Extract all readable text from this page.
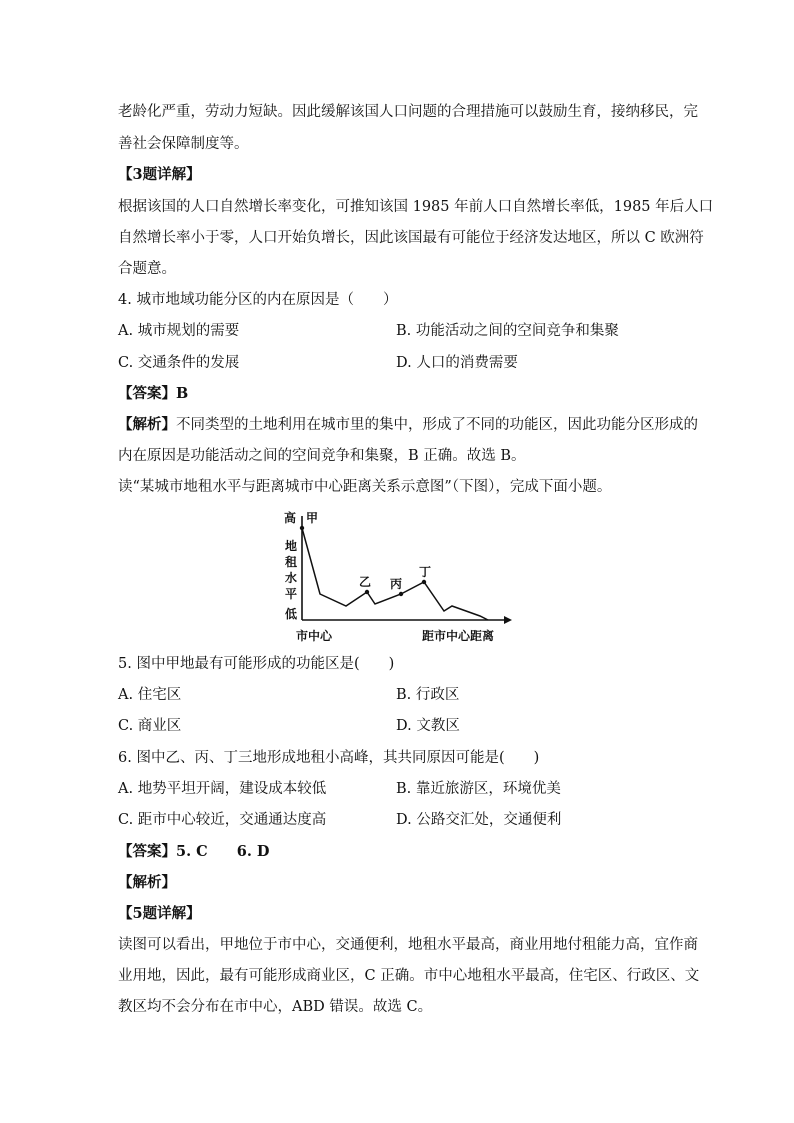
老龄化严重，劳动力短缺。因此缓解该国人口问题的合理措施可以鼓励生育，接纳移民，完
善社会保障制度等。
【3题详解】
根据该国的人口自然增长率变化，可推知该国 1985 年前人口自然增长率低，1985 年后人口
自然增长率小于零，人口开始负增长，因此该国最有可能位于经济发达地区，所以 C 欧洲符
合题意。
4. 城市地域功能分区的内在原因是（　　）
A. 城市规划的需要	B. 功能活动之间的空间竞争和集聚
C. 交通条件的发展	D. 人口的消费需要
【答案】B
【解析】不同类型的土地利用在城市里的集中，形成了不同的功能区，因此功能分区形成的
内在原因是功能活动之间的空间竞争和集聚，B 正确。故选 B。
读“某城市地租水平与距离城市中心距离关系示意图”（下图），完成下面小题。
高
地
租
水
平
低
甲
乙 丙
丁
市中心	距市中心距离
5. 图中甲地最有可能形成的功能区是(　　)
A. 住宅区	B. 行政区
C. 商业区	D. 文教区
6. 图中乙、丙、丁三地形成地租小高峰，其共同原因可能是(　　)
A. 地势平坦开阔，建设成本较低	B. 靠近旅游区，环境优美
C. 距市中心较近，交通通达度高	D. 公路交汇处，交通便利
【答案】5. C　　6. D
【解析】
【5题详解】
读图可以看出，甲地位于市中心，交通便利，地租水平最高，商业用地付租能力高，宜作商
业用地，因此，最有可能形成商业区，C 正确。市中心地租水平最高，住宅区、行政区、文
教区均不会分布在市中心，ABD 错误。故选 C。
